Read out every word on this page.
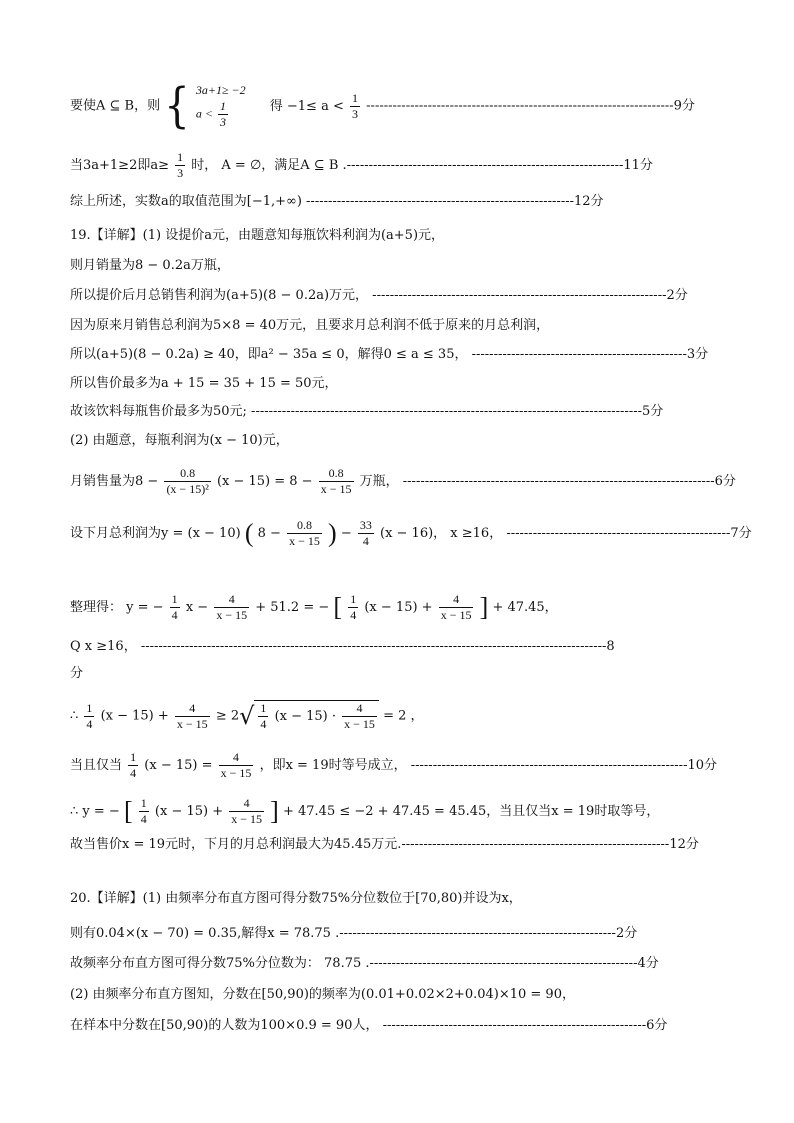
要使A ⊆ B，则 { 3a+1≥ −2
$a < \frac{1}{3}$	得 $-1\le a < \frac{1}{3} ----------------------------------------------------------------------9$分
当3a+1≥2即$a\ge \frac{1}{3}$ 时， A = ∅，满足A ⊆ B .---------------------------------------------------------------11分
综上所述，实数a的取值范围为[−1,+∞) -------------------------------------------------------------12分
19.【详解】(1) 设提价a元，由题意知每瓶饮料利润为(a+5)元，
则月销量为8 − 0.2a万瓶，
所以提价后月总销售利润为(a+5)(8 − 0.2a)万元， -------------------------------------------------------------------2分
因为原来月销售总利润为5×8 = 40万元，且要求月总利润不低于原来的月总利润，
所以(a+5)(8 − 0.2a) ≥ 40，即a² − 35a ≤ 0，解得0 ≤ a ≤ 35， -------------------------------------------------3分
所以售价最多为a + 15 = 35 + 15 = 50元，
故该饮料每瓶售价最多为50元; -----------------------------------------------------------------------------------------5分
(2) 由题意，每瓶利润为(x − 10)元，
月销售量为$8 - \frac{0.8}{\text{(x − 15)²}} (x - 15) = 8 - \frac{0.8}{x - 15}$ 万瓶， -----------------------------------------------------------------------6分
设下月总利润为y = (x − 10) ( $8 - \frac{0.8}{x - 15}$ ) − $\frac{33}{4} (x - 16)$， x ≥16， ---------------------------------------------------7分
整理得： y = − $\frac{1}{4}$ $x - \frac{4}{x - 15} + 51.2$ = − [ $\frac{1}{4} (x - 15) + \frac{4}{x - 15}$ ] + 47.45，
Q x ≥16， ----------------------------------------------------------------------------------------------------------8
分
∴ $\frac{1}{4} (x - 15) + \frac{4}{x - 15} \ge 2√ \frac{1}{4} (x - 15) \cdot \frac{4}{x - 15} = 2$ ，
当且仅当 $\frac{1}{4} (x - 15) = \frac{4}{x - 15}$ ，即x = 19时等号成立， ---------------------------------------------------------------10分
∴ y = − [ $\frac{1}{4} (x - 15) + \frac{4}{x - 15}$ ] + 47.45 ≤ −2 + 47.45 = 45.45，当且仅当x = 19时取等号，
故当售价x = 19元时，下月的月总利润最大为45.45万元.-------------------------------------------------------------12分
20.【详解】(1) 由频率分布直方图可得分数75%分位数位于[70,80)并设为x，
则有0.04×(x − 70) = 0.35,解得x = 78.75 .---------------------------------------------------------------2分
故频率分布直方图可得分数75%分位数为： 78.75 .-------------------------------------------------------------4分
(2) 由频率分布直方图知，分数在[50,90)的频率为(0.01+0.02×2+0.04)×10 = 90，
在样本中分数在[50,90)的人数为100×0.9 = 90人， ------------------------------------------------------------6分
